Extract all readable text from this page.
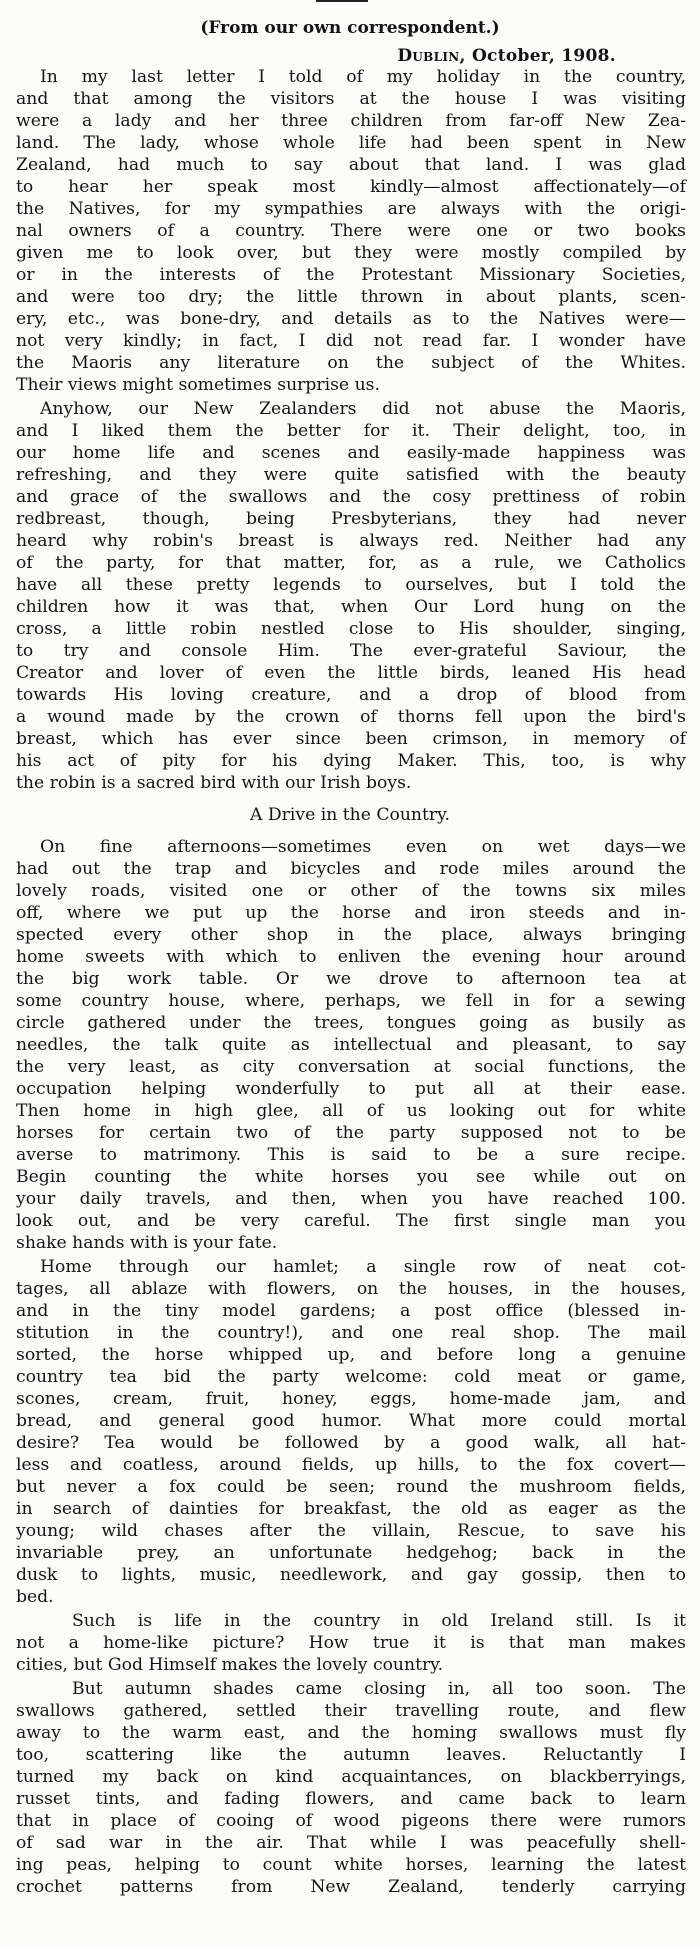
(From our own correspondent.)
Dublin, October, 1908.
In my last letter I told of my holiday in the country,
and that among the visitors at the house I was visiting
were a lady and her three children from far-off New Zea-
land. The lady, whose whole life had been spent in New
Zealand, had much to say about that land. I was glad
to hear her speak most kindly—almost affectionately—of
the Natives, for my sympathies are always with the origi-
nal owners of a country. There were one or two books
given me to look over, but they were mostly compiled by
or in the interests of the Protestant Missionary Societies,
and were too dry; the little thrown in about plants, scen-
ery, etc., was bone-dry, and details as to the Natives were—
not very kindly; in fact, I did not read far. I wonder have
the Maoris any literature on the subject of the Whites.
Their views might sometimes surprise us.
Anyhow, our New Zealanders did not abuse the Maoris,
and I liked them the better for it. Their delight, too, in
our home life and scenes and easily-made happiness was
refreshing, and they were quite satisfied with the beauty
and grace of the swallows and the cosy prettiness of robin
redbreast, though, being Presbyterians, they had never
heard why robin's breast is always red. Neither had any
of the party, for that matter, for, as a rule, we Catholics
have all these pretty legends to ourselves, but I told the
children how it was that, when Our Lord hung on the
cross, a little robin nestled close to His shoulder, singing,
to try and console Him. The ever-grateful Saviour, the
Creator and lover of even the little birds, leaned His head
towards His loving creature, and a drop of blood from
a wound made by the crown of thorns fell upon the bird's
breast, which has ever since been crimson, in memory of
his act of pity for his dying Maker. This, too, is why
the robin is a sacred bird with our Irish boys.
A Drive in the Country.
On fine afternoons—sometimes even on wet days—we
had out the trap and bicycles and rode miles around the
lovely roads, visited one or other of the towns six miles
off, where we put up the horse and iron steeds and in-
spected every other shop in the place, always bringing
home sweets with which to enliven the evening hour around
the big work table. Or we drove to afternoon tea at
some country house, where, perhaps, we fell in for a sewing
circle gathered under the trees, tongues going as busily as
needles, the talk quite as intellectual and pleasant, to say
the very least, as city conversation at social functions, the
occupation helping wonderfully to put all at their ease.
Then home in high glee, all of us looking out for white
horses for certain two of the party supposed not to be
averse to matrimony. This is said to be a sure recipe.
Begin counting the white horses you see while out on
your daily travels, and then, when you have reached 100.
look out, and be very careful. The first single man you
shake hands with is your fate.
Home through our hamlet; a single row of neat cot-
tages, all ablaze with flowers, on the houses, in the houses,
and in the tiny model gardens; a post office (blessed in-
stitution in the country!), and one real shop. The mail
sorted, the horse whipped up, and before long a genuine
country tea bid the party welcome: cold meat or game,
scones, cream, fruit, honey, eggs, home-made jam, and
bread, and general good humor. What more could mortal
desire? Tea would be followed by a good walk, all hat-
less and coatless, around fields, up hills, to the fox covert—
but never a fox could be seen; round the mushroom fields,
in search of dainties for breakfast, the old as eager as the
young; wild chases after the villain, Rescue, to save his
invariable prey, an unfortunate hedgehog; back in the
dusk to lights, music, needlework, and gay gossip, then to
bed.
Such is life in the country in old Ireland still. Is it
not a home-like picture? How true it is that man makes
cities, but God Himself makes the lovely country.
But autumn shades came closing in, all too soon. The
swallows gathered, settled their travelling route, and flew
away to the warm east, and the homing swallows must fly
too, scattering like the autumn leaves. Reluctantly I
turned my back on kind acquaintances, on blackberryings,
russet tints, and fading flowers, and came back to learn
that in place of cooing of wood pigeons there were rumors
of sad war in the air. That while I was peacefully shell-
ing peas, helping to count white horses, learning the latest
crochet patterns from New Zealand, tenderly carrying
